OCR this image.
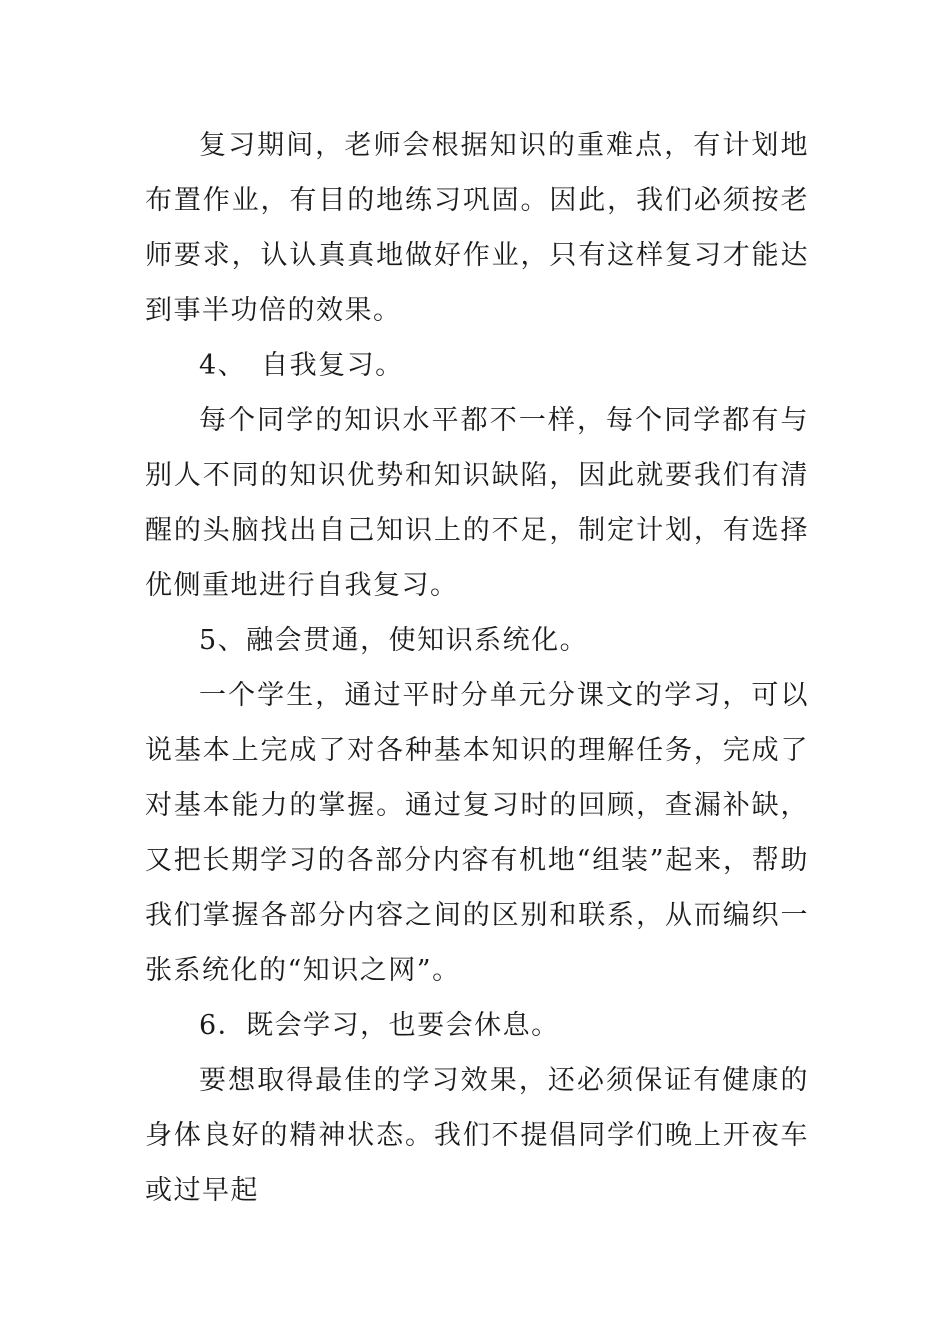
复习期间，老师会根据知识的重难点，有计划地布置作业，有目的地练习巩固。因此，我们必须按老师要求，认认真真地做好作业，只有这样复习才能达到事半功倍的效果。

4、　自我复习。

每个同学的知识水平都不一样，每个同学都有与别人不同的知识优势和知识缺陷，因此就要我们有清醒的头脑找出自己知识上的不足，制定计划，有选择优侧重地进行自我复习。

5、融会贯通，使知识系统化。

一个学生，通过平时分单元分课文的学习，可以说基本上完成了对各种基本知识的理解任务，完成了对基本能力的掌握。通过复习时的回顾，查漏补缺，又把长期学习的各部分内容有机地“组装”起来，帮助我们掌握各部分内容之间的区别和联系，从而编织一张系统化的“知识之网”。

6．既会学习，也要会休息。

要想取得最佳的学习效果，还必须保证有健康的身体良好的精神状态。我们不提倡同学们晚上开夜车或过早起
